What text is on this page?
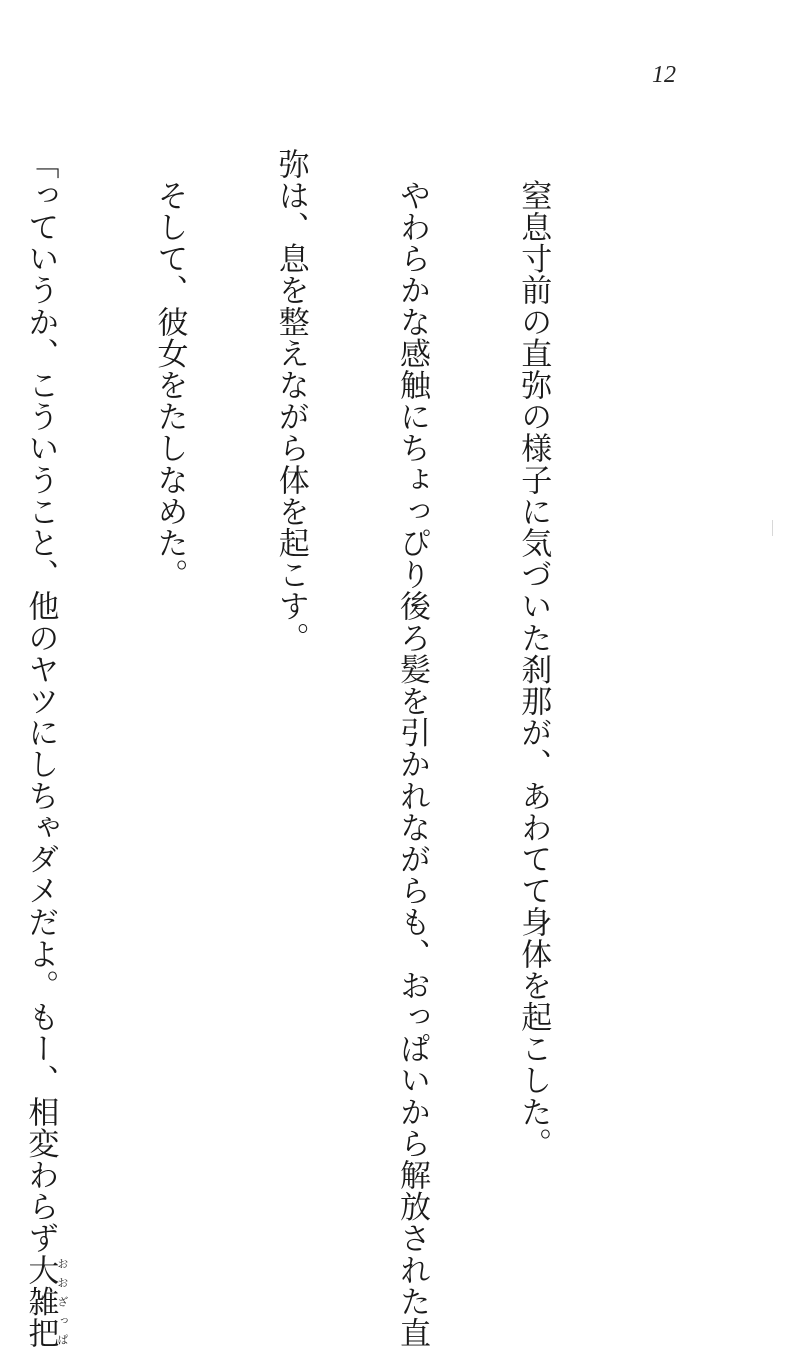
12

　窒息寸前の直弥の様子に気づいた刹那が、あわてて身体を起こした。

　やわらかな感触にちょっぴり後ろ髪を引かれながらも、おっぱいから解放された直

弥は、息を整えながら体を起こす。

　そして、彼女をたしなめた。

「っていうか、こういうこと、他のヤツにしちゃダメだよ。もー、相変わらず大雑把おおざっぱ
